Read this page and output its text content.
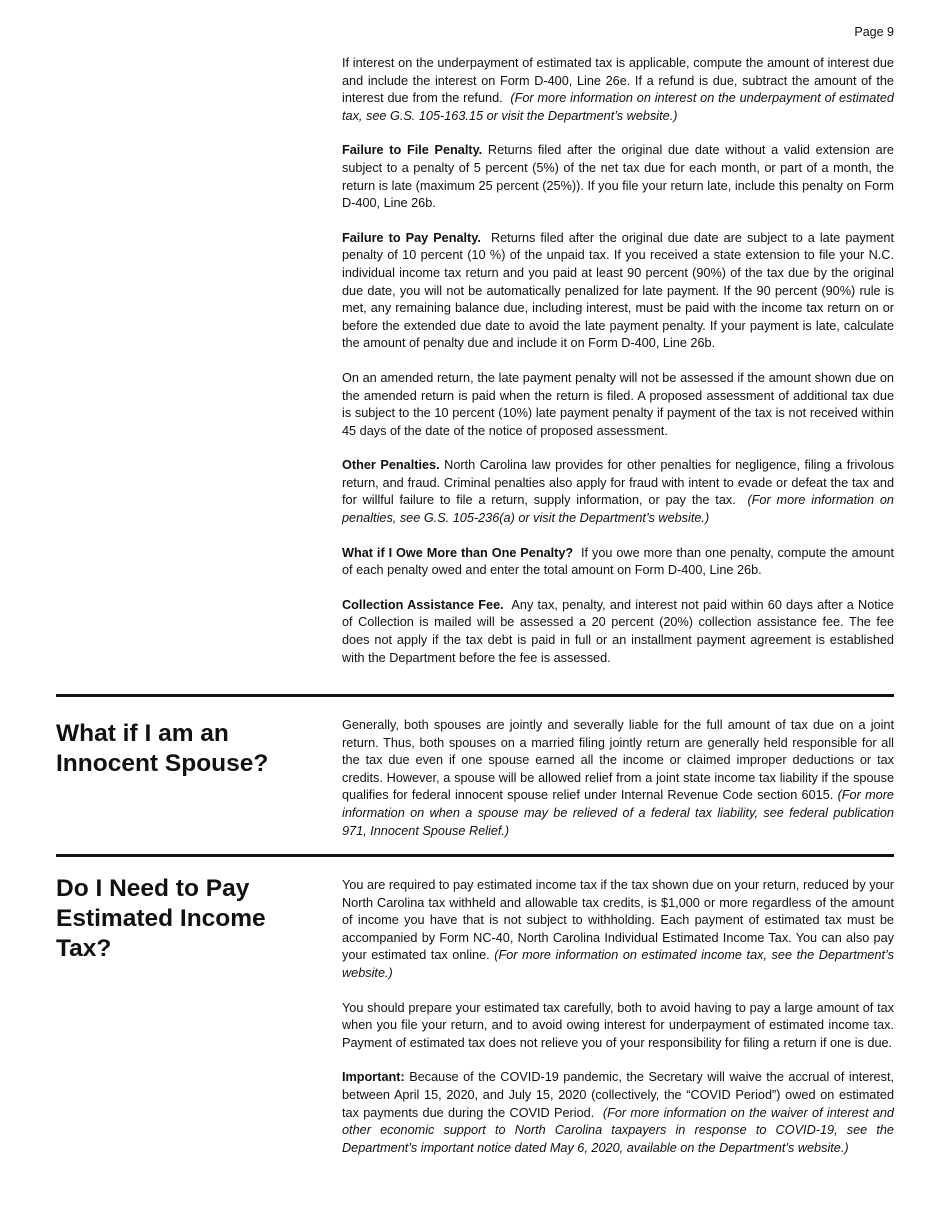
Page 9

If interest on the underpayment of estimated tax is applicable, compute the amount of interest due and include the interest on Form D-400, Line 26e. If a refund is due, subtract the amount of the interest due from the refund. (For more information on interest on the underpayment of estimated tax, see G.S. 105-163.15 or visit the Department’s website.)

Failure to File Penalty. Returns filed after the original due date without a valid extension are subject to a penalty of 5 percent (5%) of the net tax due for each month, or part of a month, the return is late (maximum 25 percent (25%)). If you file your return late, include this penalty on Form D-400, Line 26b.

Failure to Pay Penalty. Returns filed after the original due date are subject to a late payment penalty of 10 percent (10 %) of the unpaid tax. If you received a state extension to file your N.C. individual income tax return and you paid at least 90 percent (90%) of the tax due by the original due date, you will not be automatically penalized for late payment. If the 90 percent (90%) rule is met, any remaining balance due, including interest, must be paid with the income tax return on or before the extended due date to avoid the late payment penalty. If your payment is late, calculate the amount of penalty due and include it on Form D-400, Line 26b.

On an amended return, the late payment penalty will not be assessed if the amount shown due on the amended return is paid when the return is filed. A proposed assessment of additional tax due is subject to the 10 percent (10%) late payment penalty if payment of the tax is not received within 45 days of the date of the notice of proposed assessment.

Other Penalties. North Carolina law provides for other penalties for negligence, filing a frivolous return, and fraud. Criminal penalties also apply for fraud with intent to evade or defeat the tax and for willful failure to file a return, supply information, or pay the tax. (For more information on penalties, see G.S. 105-236(a) or visit the Department’s website.)

What if I Owe More than One Penalty? If you owe more than one penalty, compute the amount of each penalty owed and enter the total amount on Form D-400, Line 26b.

Collection Assistance Fee. Any tax, penalty, and interest not paid within 60 days after a Notice of Collection is mailed will be assessed a 20 percent (20%) collection assistance fee. The fee does not apply if the tax debt is paid in full or an installment payment agreement is established with the Department before the fee is assessed.

What if I am an Innocent Spouse?

Generally, both spouses are jointly and severally liable for the full amount of tax due on a joint return. Thus, both spouses on a married filing jointly return are generally held responsible for all the tax due even if one spouse earned all the income or claimed improper deductions or tax credits. However, a spouse will be allowed relief from a joint state income tax liability if the spouse qualifies for federal innocent spouse relief under Internal Revenue Code section 6015. (For more information on when a spouse may be relieved of a federal tax liability, see federal publication 971, Innocent Spouse Relief.)

Do I Need to Pay Estimated Income Tax?

You are required to pay estimated income tax if the tax shown due on your return, reduced by your North Carolina tax withheld and allowable tax credits, is $1,000 or more regardless of the amount of income you have that is not subject to withholding. Each payment of estimated tax must be accompanied by Form NC-40, North Carolina Individual Estimated Income Tax. You can also pay your estimated tax online. (For more information on estimated income tax, see the Department’s website.)

You should prepare your estimated tax carefully, both to avoid having to pay a large amount of tax when you file your return, and to avoid owing interest for underpayment of estimated income tax. Payment of estimated tax does not relieve you of your responsibility for filing a return if one is due.

Important: Because of the COVID-19 pandemic, the Secretary will waive the accrual of interest, between April 15, 2020, and July 15, 2020 (collectively, the “COVID Period”) owed on estimated tax payments due during the COVID Period. (For more information on the waiver of interest and other economic support to North Carolina taxpayers in response to COVID-19, see the Department’s important notice dated May 6, 2020, available on the Department’s website.)
